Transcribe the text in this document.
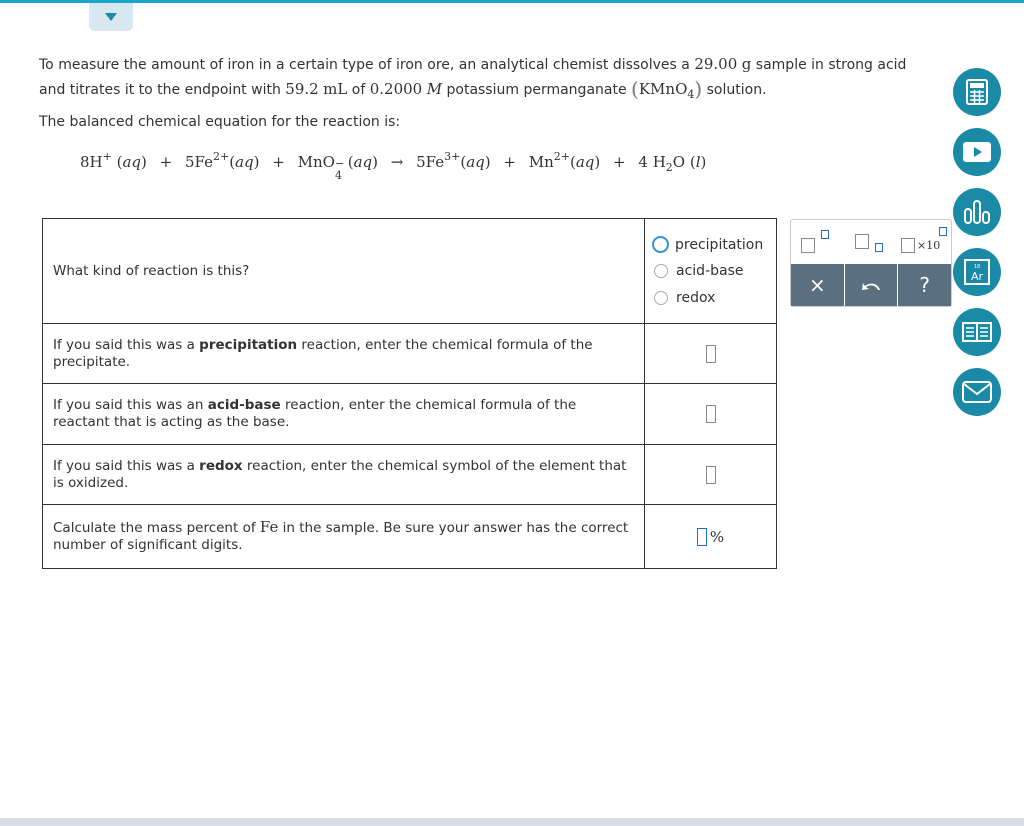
To measure the amount of iron in a certain type of iron ore, an analytical chemist dissolves a 29.00 g sample in strong acid and titrates it to the endpoint with 59.2 mL of 0.2000 M potassium permanganate (KMnO$_4$) solution.
The balanced chemical equation for the reaction is:
8H+ $(aq) + 5Fe^{2+}(aq)$ + MnO −
4
$(aq) \to 5Fe^{3+}(aq) + Mn^{2+}(aq) + 4$ $H_2O$ (l)
What kind of reaction is this?	precipitation
acid-base
redox

If you said this was a precipitation reaction, enter the chemical formula of the precipitate.	
If you said this was an acid-base reaction, enter the chemical formula of the reactant that is acting as the base.	
If you said this was a redox reaction, enter the chemical symbol of the element that is oxidized.	
Calculate the mass percent of Fe in the sample. Be sure your answer has the correct number of significant digits.	%
×10
×	?
18
Ar
